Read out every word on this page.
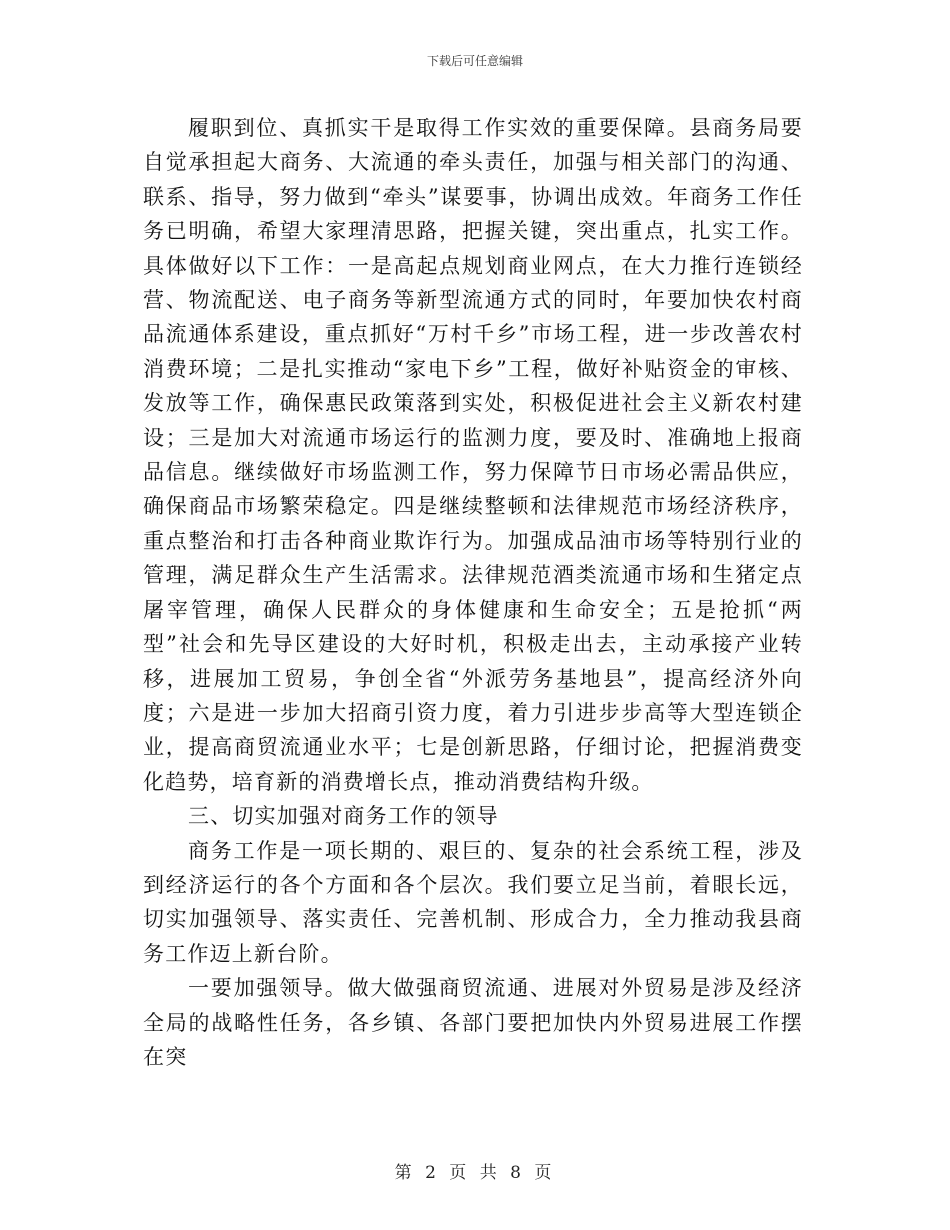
下载后可任意编辑

履职到位、真抓实干是取得工作实效的重要保障。县商务局要自觉承担起大商务、大流通的牵头责任，加强与相关部门的沟通、联系、指导，努力做到“牵头”谋要事，协调出成效。年商务工作任务已明确，希望大家理清思路，把握关键，突出重点，扎实工作。具体做好以下工作：一是高起点规划商业网点，在大力推行连锁经营、物流配送、电子商务等新型流通方式的同时，年要加快农村商品流通体系建设，重点抓好“万村千乡”市场工程，进一步改善农村消费环境；二是扎实推动“家电下乡”工程，做好补贴资金的审核、发放等工作，确保惠民政策落到实处，积极促进社会主义新农村建设；三是加大对流通市场运行的监测力度，要及时、准确地上报商品信息。继续做好市场监测工作，努力保障节日市场必需品供应，确保商品市场繁荣稳定。四是继续整顿和法律规范市场经济秩序，重点整治和打击各种商业欺诈行为。加强成品油市场等特别行业的管理，满足群众生产生活需求。法律规范酒类流通市场和生猪定点屠宰管理，确保人民群众的身体健康和生命安全；五是抢抓“两型”社会和先导区建设的大好时机，积极走出去，主动承接产业转移，进展加工贸易，争创全省“外派劳务基地县”，提高经济外向度；六是进一步加大招商引资力度，着力引进步步高等大型连锁企业，提高商贸流通业水平；七是创新思路，仔细讨论，把握消费变化趋势，培育新的消费增长点，推动消费结构升级。

三、切实加强对商务工作的领导

商务工作是一项长期的、艰巨的、复杂的社会系统工程，涉及到经济运行的各个方面和各个层次。我们要立足当前，着眼长远，切实加强领导、落实责任、完善机制、形成合力，全力推动我县商务工作迈上新台阶。

一要加强领导。做大做强商贸流通、进展对外贸易是涉及经济全局的战略性任务，各乡镇、各部门要把加快内外贸易进展工作摆在突

第 2 页 共 8 页
